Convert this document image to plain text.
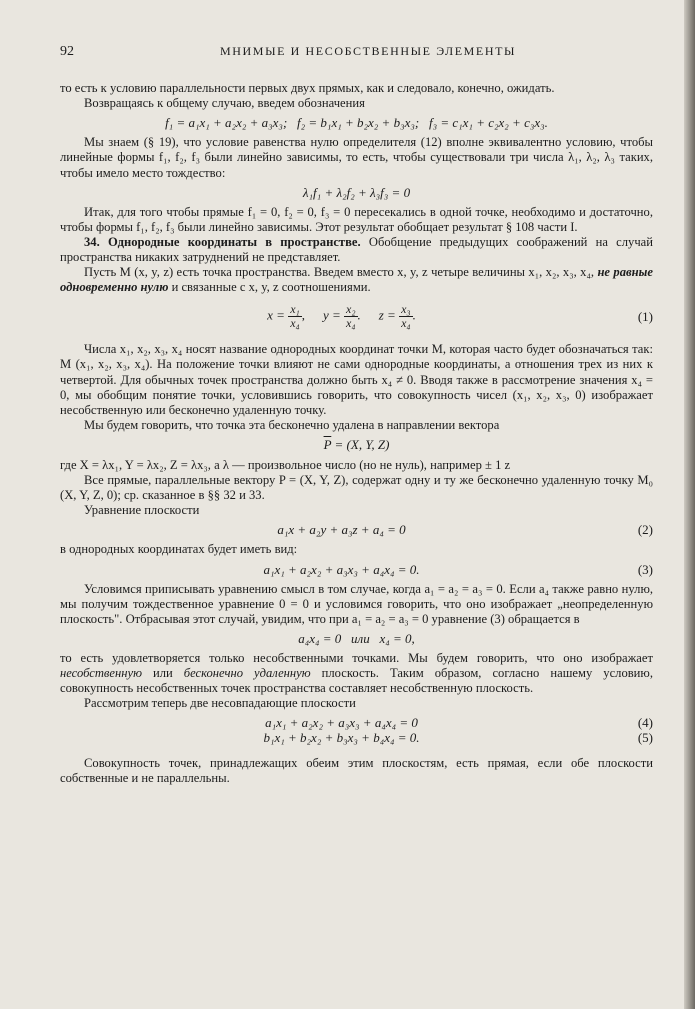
92	МНИМЫЕ И НЕСОБСТВЕННЫЕ ЭЛЕМЕНТЫ

то есть к условию параллельности первых двух прямых, как и следовало, конечно, ожидать.

Возвращаясь к общему случаю, введем обозначения

f₁ = a₁x₁ + a₂x₂ + a₃x₃;   f₂ = b₁x₁ + b₂x₂ + b₃x₃;   f₃ = c₁x₁ + c₂x₂ + c₃x₃.

Мы знаем (§ 19), что условие равенства нулю определителя (12) вполне эквивалентно условию, чтобы линейные формы f₁, f₂, f₃ были линейно зависимы, то есть, чтобы существовали три числа λ₁, λ₂, λ₃ таких, чтобы имело место тождество:

λ₁f₁ + λ₂f₂ + λ₃f₃ = 0

Итак, для того чтобы прямые f₁ = 0, f₂ = 0, f₃ = 0 пересекались в одной точке, необходимо и достаточно, чтобы формы f₁, f₂, f₃ были линейно зависимы. Этот результат обобщает результат § 108 части I.

34. Однородные координаты в пространстве. Обобщение предыдущих соображений на случай пространства никаких затруднений не представляет.

Пусть M (x, y, z) есть точка пространства. Введем вместо x, y, z четыре величины x₁, x₂, x₃, x₄, не равные одновременно нулю и связанные с x, y, z соотношениями.

$x = \frac{\text{x₁}}{\text{x₄}}$ , $y = \frac{\text{x₂}}{\text{x₄}}$ . $z = \frac{\text{x₃}}{\text{x₄}}$ .	(1)

Числа x₁, x₂, x₃, x₄ носят название однородных координат точки M, которая часто будет обозначаться так: M (x₁, x₂, x₃, x₄). На положение точки влияют не сами однородные координаты, а отношения трех из них к четвертой. Для обычных точек пространства должно быть x₄ ≠ 0. Вводя также в рассмотрение значения x₄ = 0, мы обобщим понятие точки, условившись говорить, что совокупность чисел (x₁, x₂, x₃, 0) изображает несобственную или бесконечно удаленную точку.

Мы будем говорить, что точка эта бесконечно удалена в направлении вектора

$\overline{P} = (X$, Y, Z)

где X = λx₁, Y = λx₂, Z = λx₃, а λ — произвольное число (но не нуль), например ± 1 z

Все прямые, параллельные вектору P = (X, Y, Z), содержат одну и ту же бесконечно удаленную точку M₀ (X, Y, Z, 0); ср. сказанное в §§ 32 и 33.

Уравнение плоскости

a₁x + a₂y + a₃z + a₄ = 0	(2)

в однородных координатах будет иметь вид:

a₁x₁ + a₂x₂ + a₃x₃ + a₄x₄ = 0.	(3)

Условимся приписывать уравнению смысл в том случае, когда a₁ = a₂ = a₃ = 0. Если a₄ также равно нулю, мы получим тождественное уравнение 0 = 0 и условимся говорить, что оно изображает „неопределенную плоскость". Отбрасывая этот случай, увидим, что при a₁ = a₂ = a₃ = 0 уравнение (3) обращается в

a₄x₄ = 0   или   x₄ = 0,

то есть удовлетворяется только несобственными точками. Мы будем говорить, что оно изображает несобственную или бесконечно удаленную плоскость. Таким образом, согласно нашему условию, совокупность несобственных точек пространства составляет несобственную плоскость.

Рассмотрим теперь две несовпадающие плоскости

a₁x₁ + a₂x₂ + a₃x₃ + a₄x₄ = 0	(4)
b₁x₁ + b₂x₂ + b₃x₃ + b₄x₄ = 0.	(5)

Совокупность точек, принадлежащих обеим этим плоскостям, есть прямая, если обе плоскости собственные и не параллельны.
